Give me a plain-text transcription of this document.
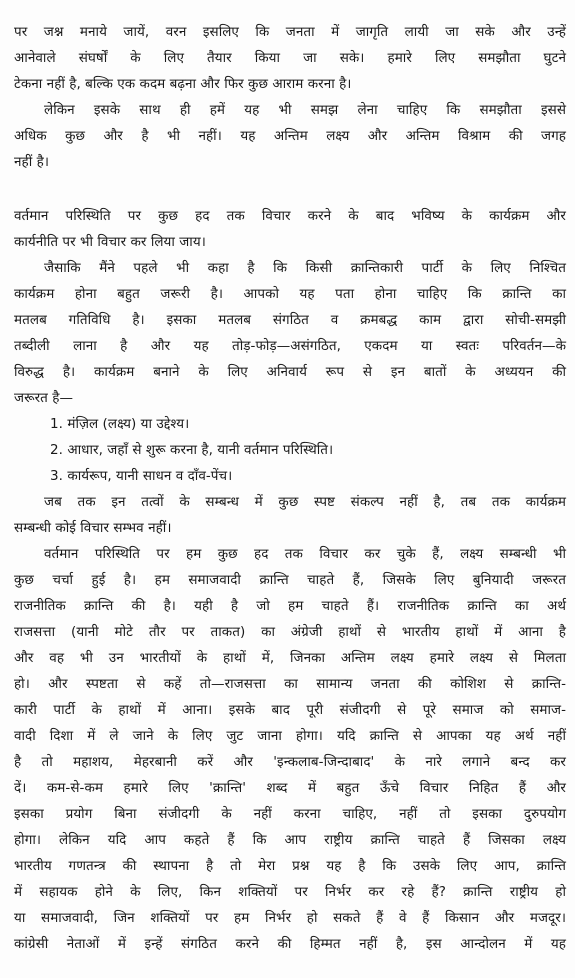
पर जश्न मनाये जायें, वरन इसलिए कि जनता में जागृति लायी जा सके और उन्हें
आनेवाले संघर्षों के लिए तैयार किया जा सके। हमारे लिए समझौता घुटने
टेकना नहीं है, बल्कि एक कदम बढ़ना और फिर कुछ आराम करना है।
लेकिन इसके साथ ही हमें यह भी समझ लेना चाहिए कि समझौता इससे
अधिक कुछ और है भी नहीं। यह अन्तिम लक्ष्य और अन्तिम विश्राम की जगह
नहीं है।
वर्तमान परिस्थिति पर कुछ हद तक विचार करने के बाद भविष्य के कार्यक्रम और
कार्यनीति पर भी विचार कर लिया जाय।
जैसाकि मैंने पहले भी कहा है कि किसी क्रान्तिकारी पार्टी के लिए निश्चित
कार्यक्रम होना बहुत जरूरी है। आपको यह पता होना चाहिए कि क्रान्ति का
मतलब गतिविधि है। इसका मतलब संगठित व क्रमबद्ध काम द्वारा सोची-समझी
तब्दीली लाना है और यह तोड़-फोड़—असंगठित, एकदम या स्वतः परिवर्तन—के
विरुद्ध है। कार्यक्रम बनाने के लिए अनिवार्य रूप से इन बातों के अध्ययन की
जरूरत है—
1. मंज़िल (लक्ष्य) या उद्देश्य।
2. आधार, जहाँ से शुरू करना है, यानी वर्तमान परिस्थिति।
3. कार्यरूप, यानी साधन व दाँव-पेंच।
जब तक इन तत्वों के सम्बन्ध में कुछ स्पष्ट संकल्प नहीं है, तब तक कार्यक्रम
सम्बन्धी कोई विचार सम्भव नहीं।
वर्तमान परिस्थिति पर हम कुछ हद तक विचार कर चुके हैं, लक्ष्य सम्बन्धी भी
कुछ चर्चा हुई है। हम समाजवादी क्रान्ति चाहते हैं, जिसके लिए बुनियादी जरूरत
राजनीतिक क्रान्ति की है। यही है जो हम चाहते हैं। राजनीतिक क्रान्ति का अर्थ
राजसत्ता (यानी मोटे तौर पर ताकत) का अंग्रेजी हाथों से भारतीय हाथों में आना है
और वह भी उन भारतीयों के हाथों में, जिनका अन्तिम लक्ष्य हमारे लक्ष्य से मिलता
हो। और स्पष्टता से कहें तो—राजसत्ता का सामान्य जनता की कोशिश से क्रान्ति-
कारी पार्टी के हाथों में आना। इसके बाद पूरी संजीदगी से पूरे समाज को समाज-
वादी दिशा में ले जाने के लिए जुट जाना होगा। यदि क्रान्ति से आपका यह अर्थ नहीं
है तो महाशय, मेहरबानी करें और 'इन्कलाब-जिन्दाबाद' के नारे लगाने बन्द कर
दें। कम-से-कम हमारे लिए 'क्रान्ति' शब्द में बहुत ऊँचे विचार निहित हैं और
इसका प्रयोग बिना संजीदगी के नहीं करना चाहिए, नहीं तो इसका दुरुपयोग
होगा। लेकिन यदि आप कहते हैं कि आप राष्ट्रीय क्रान्ति चाहते हैं जिसका लक्ष्य
भारतीय गणतन्त्र की स्थापना है तो मेरा प्रश्न यह है कि उसके लिए आप, क्रान्ति
में सहायक होने के लिए, किन शक्तियों पर निर्भर कर रहे हैं? क्रान्ति राष्ट्रीय हो
या समाजवादी, जिन शक्तियों पर हम निर्भर हो सकते हैं वे हैं किसान और मजदूर।
कांग्रेसी नेताओं में इन्हें संगठित करने की हिम्मत नहीं है, इस आन्दोलन में यह
